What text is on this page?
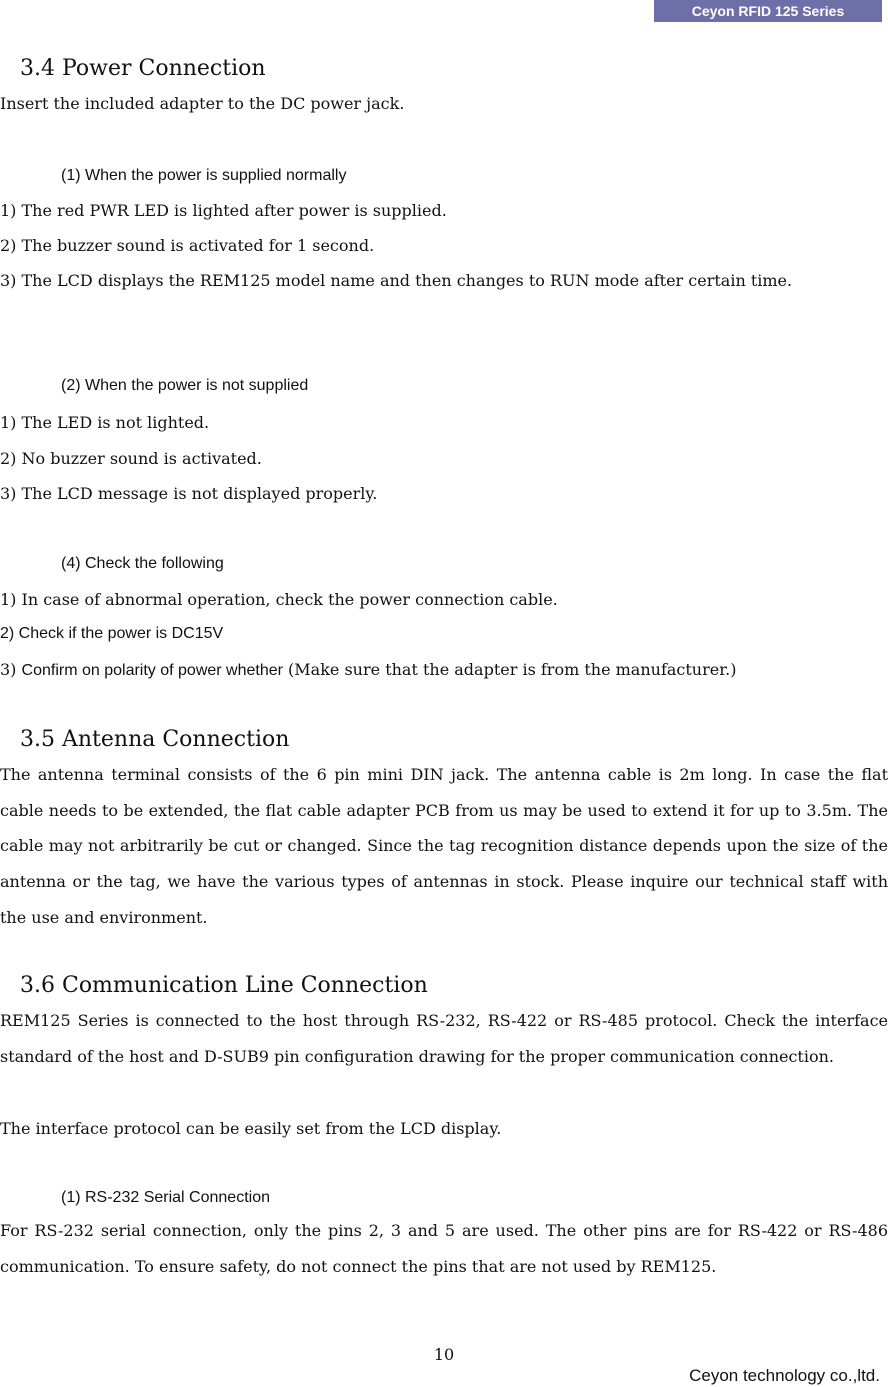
Ceyon RFID 125 Series
3.4 Power Connection
Insert the included adapter to the DC power jack.
(1) When the power is supplied normally
1) The red PWR LED is lighted after power is supplied.
2) The buzzer sound is activated for 1 second.
3) The LCD displays the REM125 model name and then changes to RUN mode after certain time.
(2) When the power is not supplied
1) The LED is not lighted.
2) No buzzer sound is activated.
3) The LCD message is not displayed properly.
(4) Check the following
1) In case of abnormal operation, check the power connection cable.
2) Check if the power is DC15V
3) Confirm on polarity of power whether (Make sure that the adapter is from the manufacturer.)
3.5 Antenna Connection
The antenna terminal consists of the 6 pin mini DIN jack. The antenna cable is 2m long. In case the flat cable needs to be extended, the flat cable adapter PCB from us may be used to extend it for up to 3.5m. The cable may not arbitrarily be cut or changed. Since the tag recognition distance depends upon the size of the antenna or the tag, we have the various types of antennas in stock. Please inquire our technical staff with the use and environment.
3.6 Communication Line Connection
REM125 Series is connected to the host through RS-232, RS-422 or RS-485 protocol. Check the interface standard of the host and D-SUB9 pin configuration drawing for the proper communication connection.
The interface protocol can be easily set from the LCD display.
(1) RS-232 Serial Connection
For RS-232 serial connection, only the pins 2, 3 and 5 are used. The other pins are for RS-422 or RS-486 communication. To ensure safety, do not connect the pins that are not used by REM125.
10
Ceyon technology co.,ltd.
